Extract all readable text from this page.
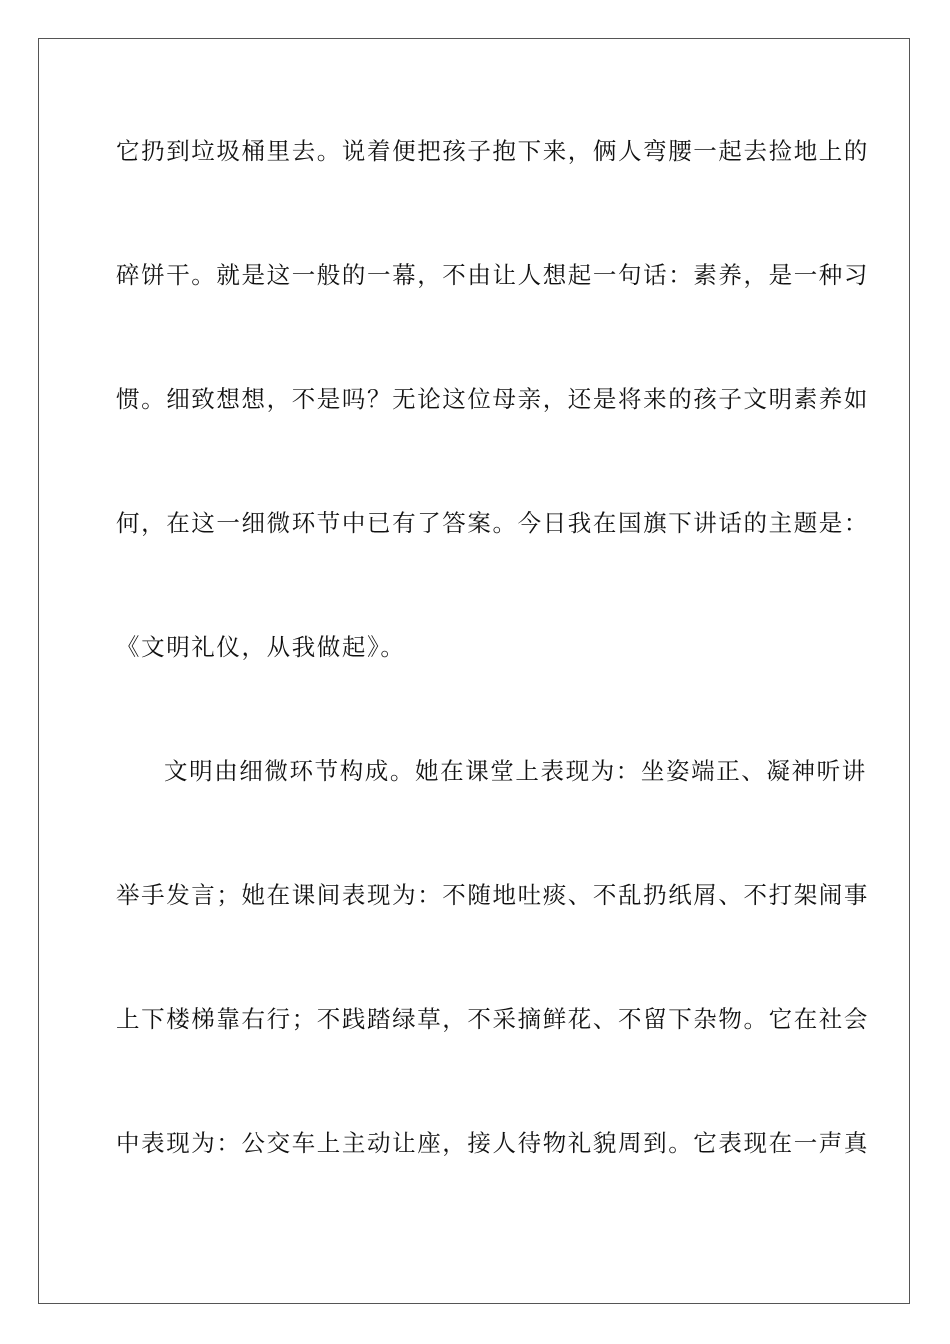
它扔到垃圾桶里去。说着便把孩子抱下来，俩人弯腰一起去捡地上的
碎饼干。就是这一般的一幕，不由让人想起一句话：素养，是一种习
惯。细致想想，不是吗？无论这位母亲，还是将来的孩子文明素养如
何，在这一细微环节中已有了答案。今日我在国旗下讲话的主题是：
《文明礼仪，从我做起》。
文明由细微环节构成。她在课堂上表现为：坐姿端正、凝神听讲
举手发言；她在课间表现为：不随地吐痰、不乱扔纸屑、不打架闹事
上下楼梯靠右行；不践踏绿草，不采摘鲜花、不留下杂物。它在社会
中表现为：公交车上主动让座，接人待物礼貌周到。它表现在一声真
